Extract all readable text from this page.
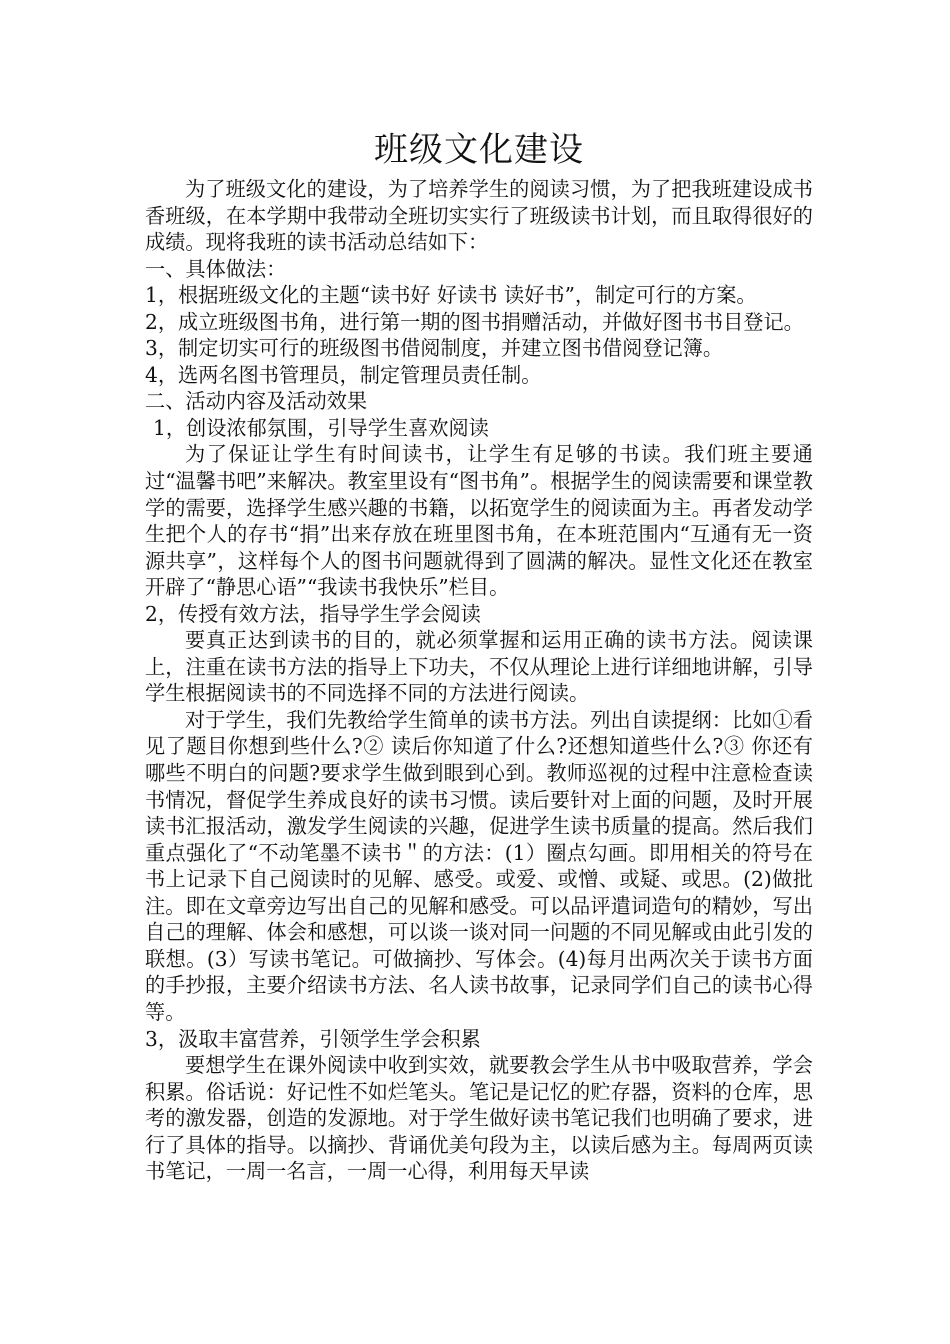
班级文化建设

为了班级文化的建设，为了培养学生的阅读习惯，为了把我班建设成书香班级，在本学期中我带动全班切实实行了班级读书计划，而且取得很好的成绩。现将我班的读书活动总结如下：

一、具体做法：

1，根据班级文化的主题“读书好 好读书 读好书”，制定可行的方案。

2，成立班级图书角，进行第一期的图书捐赠活动，并做好图书书目登记。

3，制定切实可行的班级图书借阅制度，并建立图书借阅登记簿。

4，选两名图书管理员，制定管理员责任制。

二、活动内容及活动效果

1，创设浓郁氛围，引导学生喜欢阅读

为了保证让学生有时间读书，让学生有足够的书读。我们班主要通过“温馨书吧”来解决。教室里设有“图书角”。根据学生的阅读需要和课堂教学的需要，选择学生感兴趣的书籍，以拓宽学生的阅读面为主。再者发动学生把个人的存书“捐”出来存放在班里图书角，在本班范围内“互通有无一资源共享”，这样每个人的图书问题就得到了圆满的解决。显性文化还在教室开辟了“静思心语”“我读书我快乐”栏目。

2，传授有效方法，指导学生学会阅读

要真正达到读书的目的，就必须掌握和运用正确的读书方法。阅读课上，注重在读书方法的指导上下功夫，不仅从理论上进行详细地讲解，引导学生根据阅读书的不同选择不同的方法进行阅读。

对于学生，我们先教给学生简单的读书方法。列出自读提纲：比如①看见了题目你想到些什么?② 读后你知道了什么?还想知道些什么?③ 你还有哪些不明白的问题?要求学生做到眼到心到。教师巡视的过程中注意检查读书情况，督促学生养成良好的读书习惯。读后要针对上面的问题，及时开展读书汇报活动，激发学生阅读的兴趣，促进学生读书质量的提高。然后我们重点强化了“不动笔墨不读书＂的方法：(1）圈点勾画。即用相关的符号在书上记录下自己阅读时的见解、感受。或爱、或憎、或疑、或思。(2)做批注。即在文章旁边写出自己的见解和感受。可以品评遣词造句的精妙，写出自己的理解、体会和感想，可以谈一谈对同一问题的不同见解或由此引发的联想。(3）写读书笔记。可做摘抄、写体会。(4)每月出两次关于读书方面的手抄报，主要介绍读书方法、名人读书故事，记录同学们自己的读书心得等。

3，汲取丰富营养，引领学生学会积累

要想学生在课外阅读中收到实效，就要教会学生从书中吸取营养，学会积累。俗话说：好记性不如烂笔头。笔记是记忆的贮存器，资料的仓库，思考的激发器，创造的发源地。对于学生做好读书笔记我们也明确了要求，进行了具体的指导。以摘抄、背诵优美句段为主，以读后感为主。每周两页读书笔记，一周一名言，一周一心得，利用每天早读
